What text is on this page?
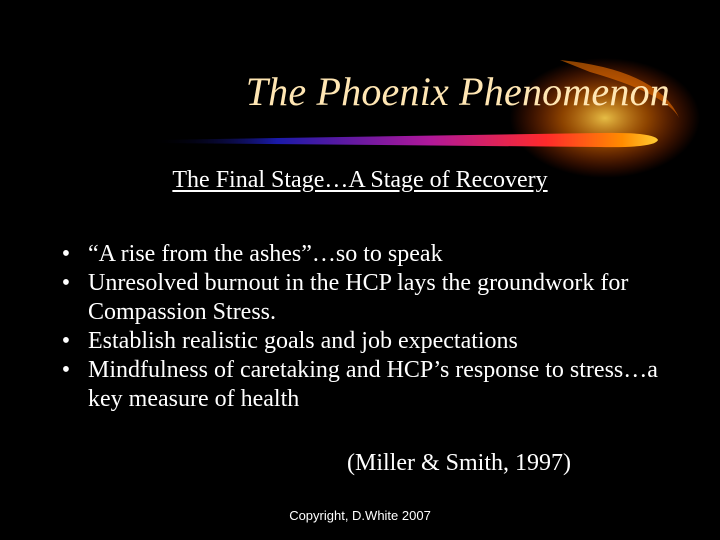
The Phoenix Phenomenon
The Final Stage…A Stage of Recovery
• “A rise from the ashes”…so to speak
• Unresolved burnout in the HCP lays the groundwork for Compassion Stress.
• Establish realistic goals and job expectations
• Mindfulness of caretaking and HCP’s response to stress…a key measure of health
(Miller & Smith, 1997)
Copyright, D.White 2007
